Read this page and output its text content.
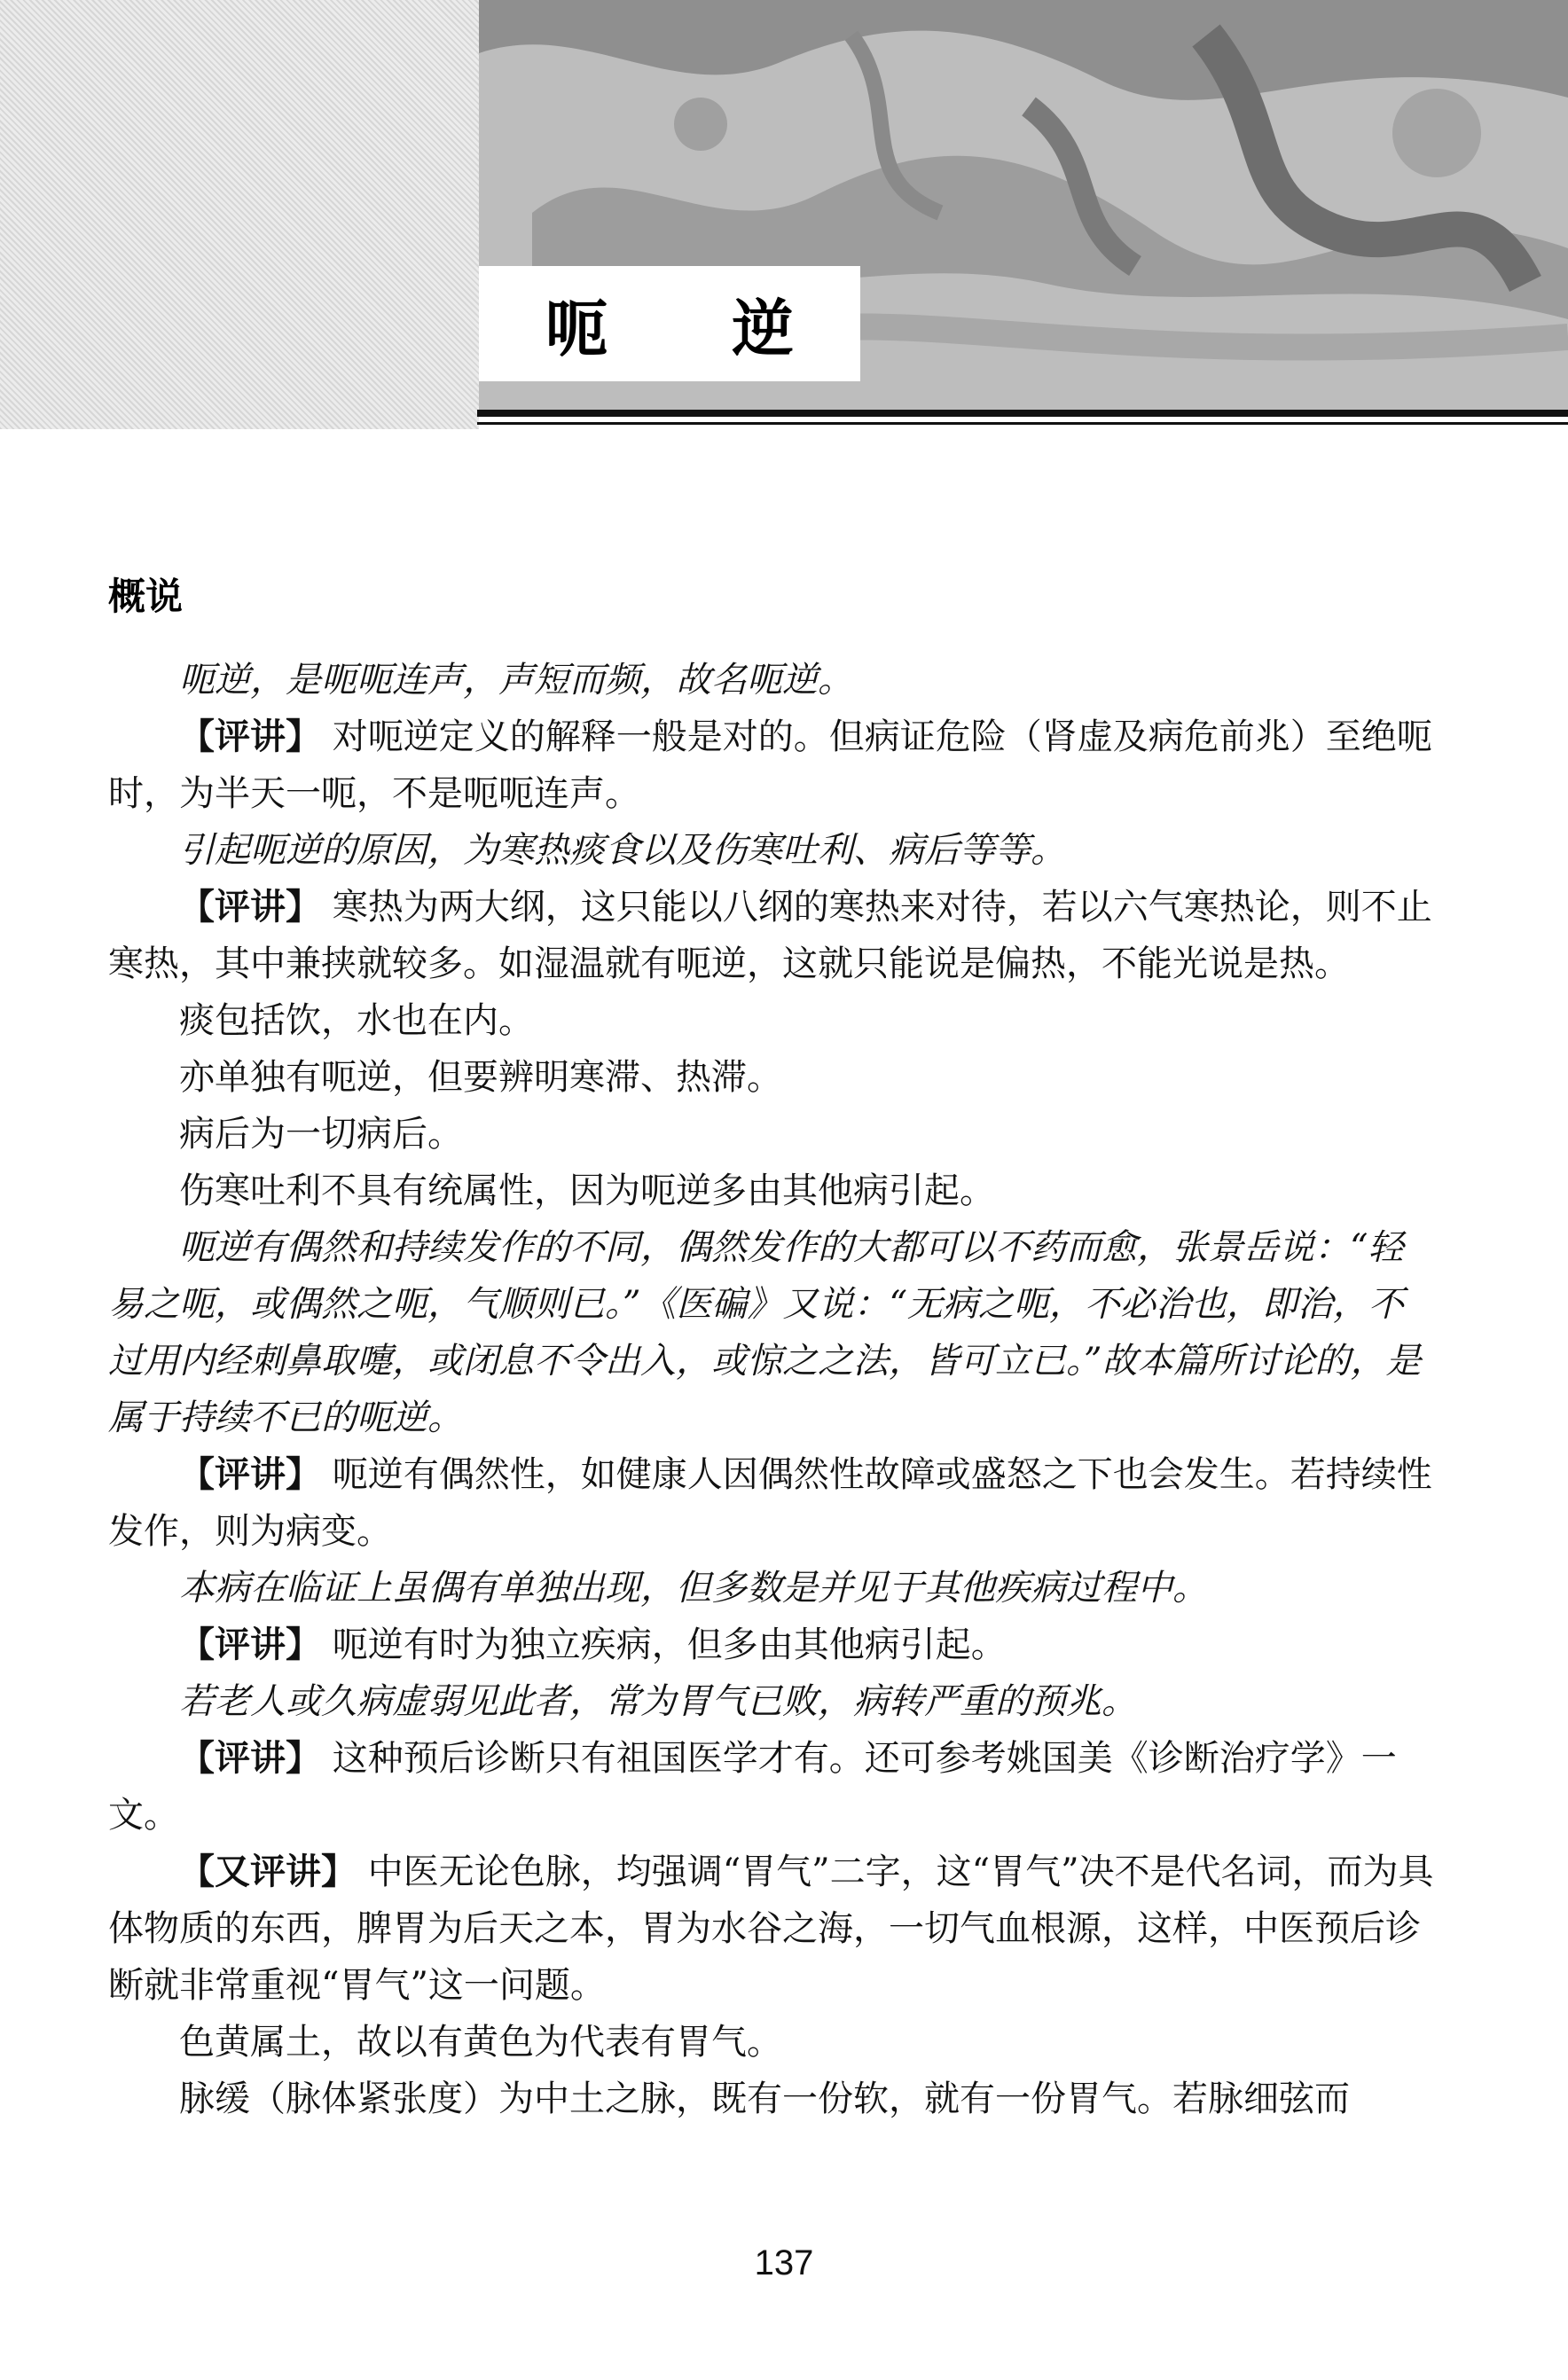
呃逆
概说

呃逆，是呃呃连声，声短而频，故名呃逆。

【评讲】 对呃逆定义的解释一般是对的。但病证危险（肾虚及病危前兆）至绝呃时，为半天一呃，不是呃呃连声。

引起呃逆的原因，为寒热痰食以及伤寒吐利、病后等等。

【评讲】 寒热为两大纲，这只能以八纲的寒热来对待，若以六气寒热论，则不止寒热，其中兼挟就较多。如湿温就有呃逆，这就只能说是偏热，不能光说是热。

痰包括饮，水也在内。

亦单独有呃逆，但要辨明寒滞、热滞。

病后为一切病后。

伤寒吐利不具有统属性，因为呃逆多由其他病引起。

呃逆有偶然和持续发作的不同，偶然发作的大都可以不药而愈，张景岳说：“轻易之呃，或偶然之呃，气顺则已。”《医碥》又说：“无病之呃，不必治也，即治，不过用内经刺鼻取嚏，或闭息不令出入，或惊之之法，皆可立已。”故本篇所讨论的，是属于持续不已的呃逆。

【评讲】 呃逆有偶然性，如健康人因偶然性故障或盛怒之下也会发生。若持续性发作，则为病变。

本病在临证上虽偶有单独出现，但多数是并见于其他疾病过程中。

【评讲】 呃逆有时为独立疾病，但多由其他病引起。

若老人或久病虚弱见此者，常为胃气已败，病转严重的预兆。

【评讲】 这种预后诊断只有祖国医学才有。还可参考姚国美《诊断治疗学》一文。

【又评讲】 中医无论色脉，均强调“胃气”二字，这“胃气”决不是代名词，而为具体物质的东西，脾胃为后天之本，胃为水谷之海，一切气血根源，这样，中医预后诊断就非常重视“胃气”这一问题。

色黄属土，故以有黄色为代表有胃气。

脉缓（脉体紧张度）为中土之脉，既有一份软，就有一份胃气。若脉细弦而

137
